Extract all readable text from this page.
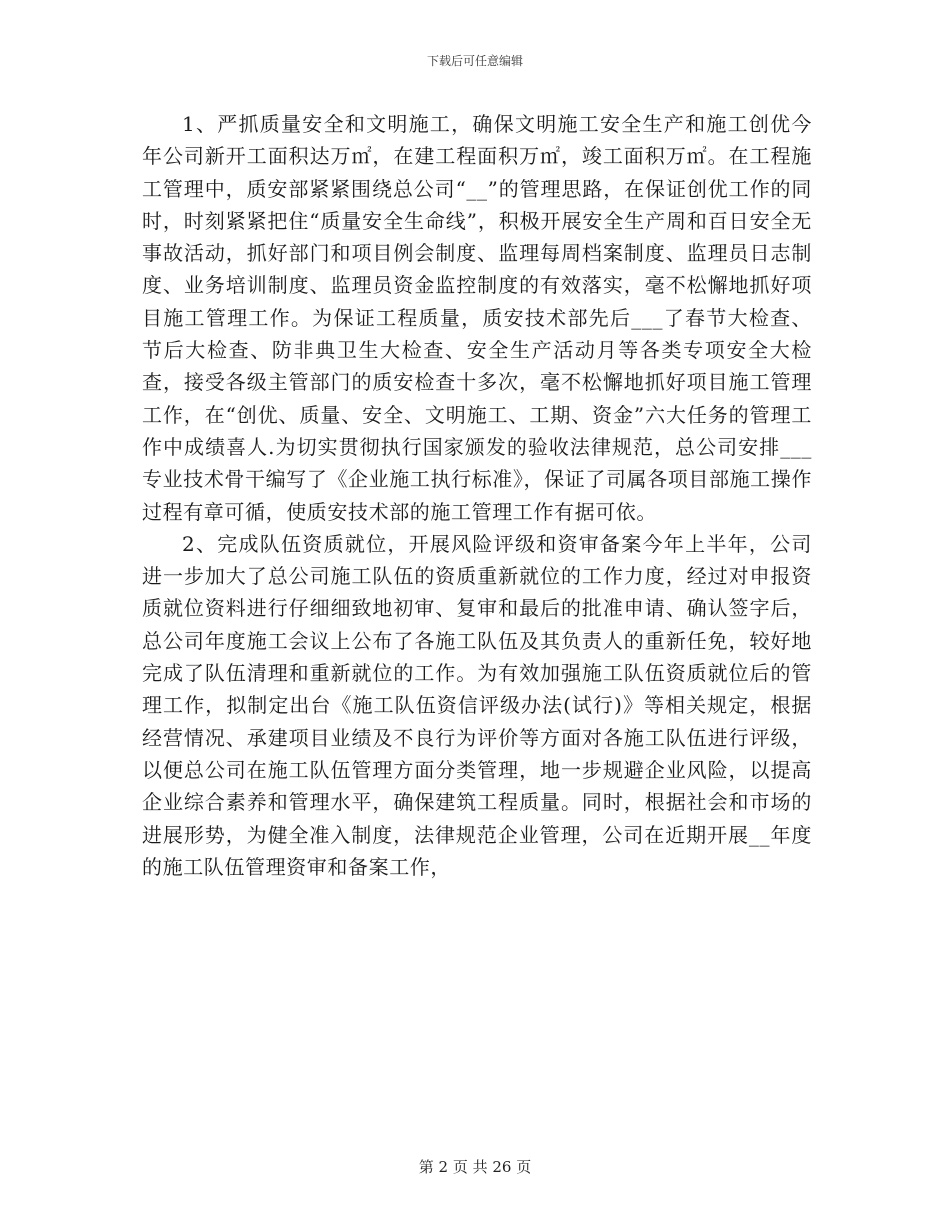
下载后可任意编辑

1、严抓质量安全和文明施工，确保文明施工安全生产和施工创优今年公司新开工面积达万㎡，在建工程面积万㎡，竣工面积万㎡。在工程施工管理中，质安部紧紧围绕总公司“__”的管理思路，在保证创优工作的同时，时刻紧紧把住“质量安全生命线”，积极开展安全生产周和百日安全无事故活动，抓好部门和项目例会制度、监理每周档案制度、监理员日志制度、业务培训制度、监理员资金监控制度的有效落实，毫不松懈地抓好项目施工管理工作。为保证工程质量，质安技术部先后___了春节大检查、节后大检查、防非典卫生大检查、安全生产活动月等各类专项安全大检查，接受各级主管部门的质安检查十多次，毫不松懈地抓好项目施工管理工作，在“创优、质量、安全、文明施工、工期、资金”六大任务的管理工作中成绩喜人.为切实贯彻执行国家颁发的验收法律规范，总公司安排___专业技术骨干编写了《企业施工执行标准》，保证了司属各项目部施工操作过程有章可循，使质安技术部的施工管理工作有据可依。

2、完成队伍资质就位，开展风险评级和资审备案今年上半年，公司进一步加大了总公司施工队伍的资质重新就位的工作力度，经过对申报资质就位资料进行仔细细致地初审、复审和最后的批准申请、确认签字后，总公司年度施工会议上公布了各施工队伍及其负责人的重新任免，较好地完成了队伍清理和重新就位的工作。为有效加强施工队伍资质就位后的管理工作，拟制定出台《施工队伍资信评级办法(试行)》等相关规定，根据经营情况、承建项目业绩及不良行为评价等方面对各施工队伍进行评级，以便总公司在施工队伍管理方面分类管理，地一步规避企业风险，以提高企业综合素养和管理水平，确保建筑工程质量。同时，根据社会和市场的进展形势，为健全准入制度，法律规范企业管理，公司在近期开展__年度的施工队伍管理资审和备案工作，

第 2 页 共 26 页
